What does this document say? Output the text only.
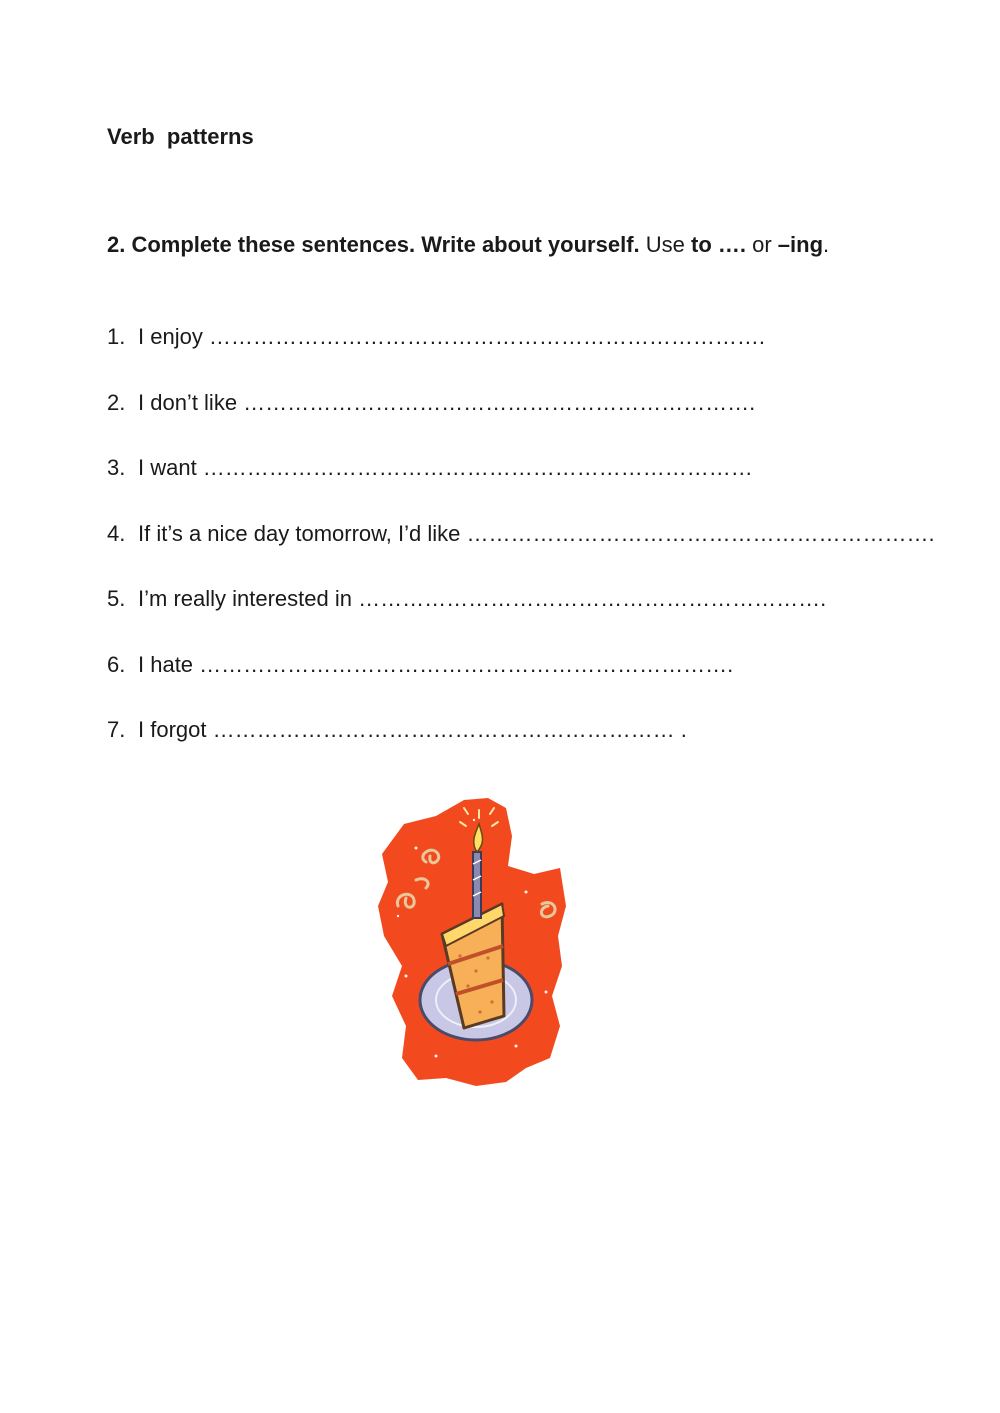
Verb  patterns
2. Complete these sentences. Write about yourself. Use to …. or –ing.
1. I enjoy ………………………………………………………………….
2. I don’t like …………………………………………………………….
3. I want …………………………………………………………………
4. If it’s a nice day tomorrow, I’d like ……………………………………………………….
5. I’m really interested in ……………………………………………………….
6. I hate ……………………………………………………………….
7. I forgot ……………………………………………………… .
